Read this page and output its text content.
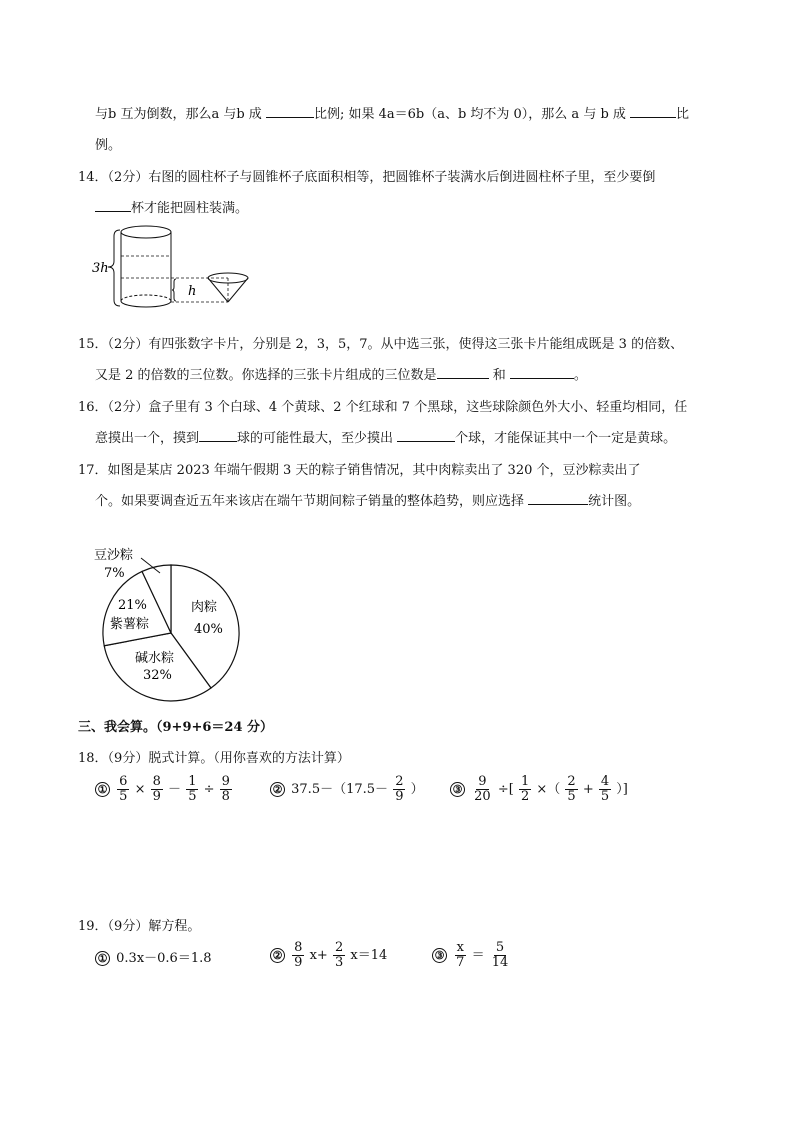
与b 互为倒数，那么a 与b 成	比例; 如果 4a＝6b（a、b 均不为 0），那么 a 与 b 成	比
例。
14．（2分）右图的圆柱杯子与圆锥杯子底面积相等，把圆锥杯子装满水后倒进圆柱杯子里，至少要倒
杯才能把圆柱装满。
3h
h
15．（2分）有四张数字卡片，分别是 2，3，5，7。从中选三张，使得这三张卡片能组成既是 3 的倍数、
又是 2 的倍数的三位数。你选择的三张卡片组成的三位数是	和	。
16．（2分）盒子里有 3 个白球、4 个黄球、2 个红球和 7 个黑球，这些球除颜色外大小、轻重均相同，任
意摸出一个，摸到	球的可能性最大，至少摸出	个球，才能保证其中一个一定是黄球。
17．如图是某店 2023 年端午假期 3 天的粽子销售情况，其中肉粽卖出了 320 个，豆沙粽卖出了
个。如果要调查近五年来该店在端午节期间粽子销量的整体趋势，则应选择	统计图。
豆沙粽
7%
肉粽
40%
碱水粽
32%
21%
紫薯粽
三、我会算。（9+9+6＝24 分）
18．（9分）脱式计算。（用你喜欢的方法计算）
① $\frac{6}{5} \times \frac{8}{9} - \frac{1}{5} \div \frac{9}{8}$	② $37.5-(17.5- \frac{2}{9}$ ）	③ $\frac{9}{20}$ ÷[ $\frac{1}{2}$ ×（ $\frac{2}{5} + \frac{4}{5}$ ）]
19．（9分）解方程。
① 0.3x－0.6＝1.8	② $\frac{8}{9} x+ \frac{2}{3} x=14$	③ $\frac{x}{7} = \frac{5}{14}$
